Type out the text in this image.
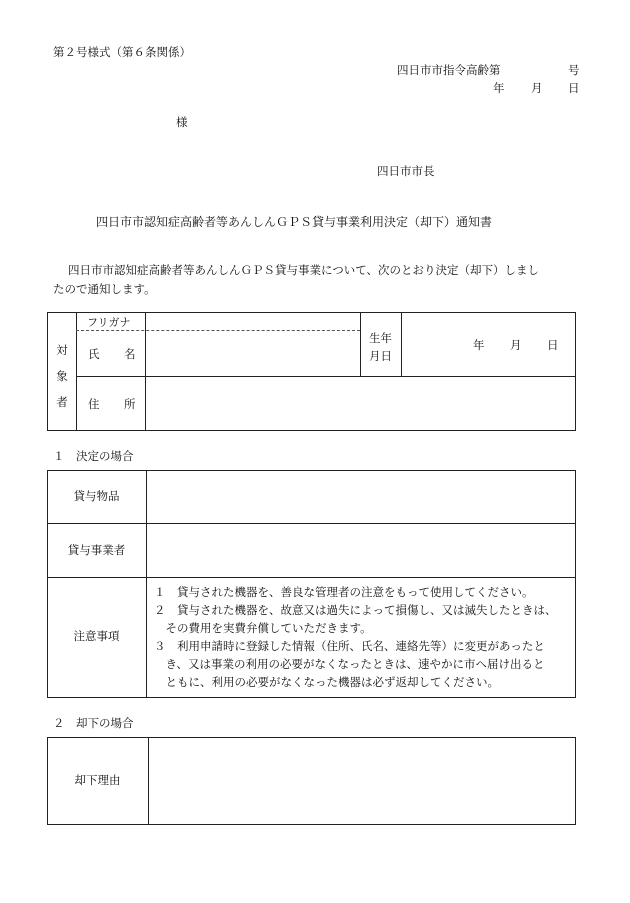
第２号様式（第６条関係）
四日市市指令高齢第	号
年 月 日
様
四日市市長
四日市市認知症高齢者等あんしんＧＰＳ貸与事業利用決定（却下）通知書
四日市市認知症高齢者等あんしんＧＰＳ貸与事業について、次のとおり決定（却下）しまし
たので通知します。
対象者
フリガナ
氏 名
生年
月日
年 月 日
住 所
１　決定の場合
貸与物品
貸与事業者
注意事項
１　貸与された機器を、善良な管理者の注意をもって使用してください。
２　貸与された機器を、故意又は過失によって損傷し、又は滅失したときは、
　その費用を実費弁償していただきます。
３　利用申請時に登録した情報（住所、氏名、連絡先等）に変更があったと
　き、又は事業の利用の必要がなくなったときは、速やかに市へ届け出ると
　ともに、利用の必要がなくなった機器は必ず返却してください。
２　却下の場合
却下理由
